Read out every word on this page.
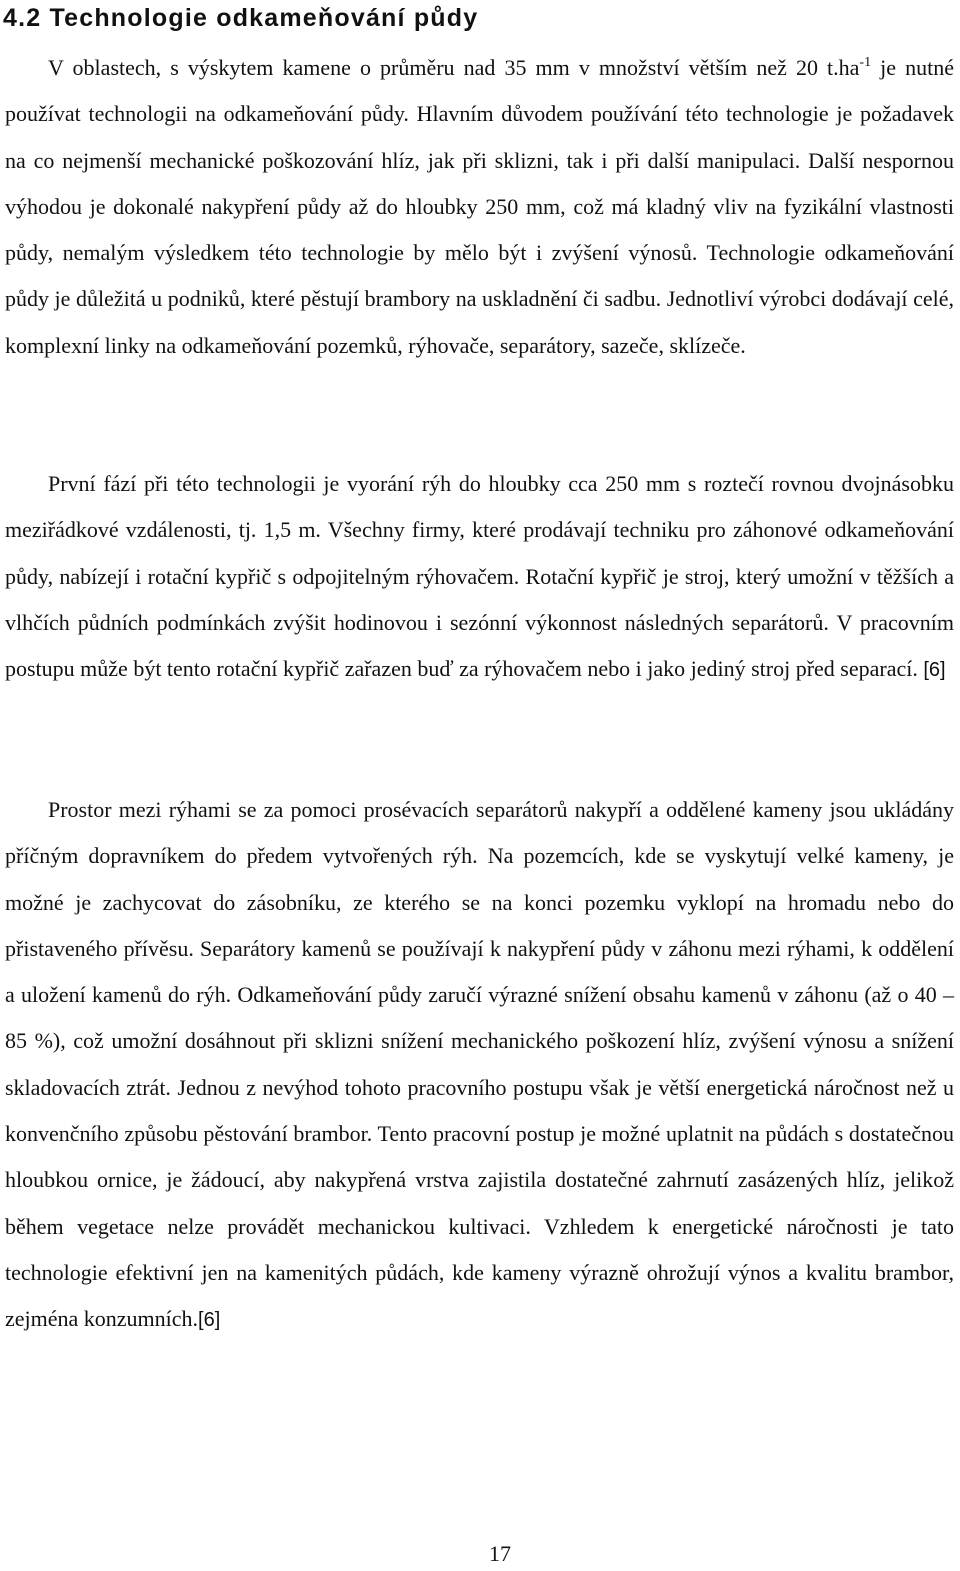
4.2 Technologie odkameňování půdy

V oblastech, s výskytem kamene o průměru nad 35 mm v množství větším než 20 $t.ha^{-1}$ je nutné používat technologii na odkameňování půdy. Hlavním důvodem používání této technologie je požadavek na co nejmenší mechanické poškozování hlíz, jak při sklizni, tak i při další manipulaci. Další nespornou výhodou je dokonalé nakypření půdy až do hloubky 250 mm, což má kladný vliv na fyzikální vlastnosti půdy, nemalým výsledkem této technologie by mělo být i zvýšení výnosů. Technologie odkameňování půdy je důležitá u podniků, které pěstují brambory na uskladnění či sadbu. Jednotliví výrobci dodávají celé, komplexní linky na odkameňování pozemků, rýhovače, separátory, sazeče, sklízeče.

První fází při této technologii je vyorání rýh do hloubky cca 250 mm s roztečí rovnou dvojnásobku meziřádkové vzdálenosti, tj. 1,5 m. Všechny firmy, které prodávají techniku pro záhonové odkameňování půdy, nabízejí i rotační kypřič s odpojitelným rýhovačem. Rotační kypřič je stroj, který umožní v těžších a vlhčích půdních podmínkách zvýšit hodinovou i sezónní výkonnost následných separátorů. V pracovním postupu může být tento rotační kypřič zařazen buď za rýhovačem nebo i jako jediný stroj před separací. [6]

Prostor mezi rýhami se za pomoci prosévacích separátorů nakypří a oddělené kameny jsou ukládány příčným dopravníkem do předem vytvořených rýh. Na pozemcích, kde se vyskytují velké kameny, je možné je zachycovat do zásobníku, ze kterého se na konci pozemku vyklopí na hromadu nebo do přistaveného přívěsu. Separátory kamenů se používají k nakypření půdy v záhonu mezi rýhami, k oddělení a uložení kamenů do rýh. Odkameňování půdy zaručí výrazné snížení obsahu kamenů v záhonu (až o 40 – 85 %), což umožní dosáhnout při sklizni snížení mechanického poškození hlíz, zvýšení výnosu a snížení skladovacích ztrát. Jednou z nevýhod tohoto pracovního postupu však je větší energetická náročnost než u konvenčního způsobu pěstování brambor. Tento pracovní postup je možné uplatnit na půdách s dostatečnou hloubkou ornice, je žádoucí, aby nakypřená vrstva zajistila dostatečné zahrnutí zasázených hlíz, jelikož během vegetace nelze provádět mechanickou kultivaci. Vzhledem k energetické náročnosti je tato technologie efektivní jen na kamenitých půdách, kde kameny výrazně ohrožují výnos a kvalitu brambor, zejména konzumních.[6]

17
